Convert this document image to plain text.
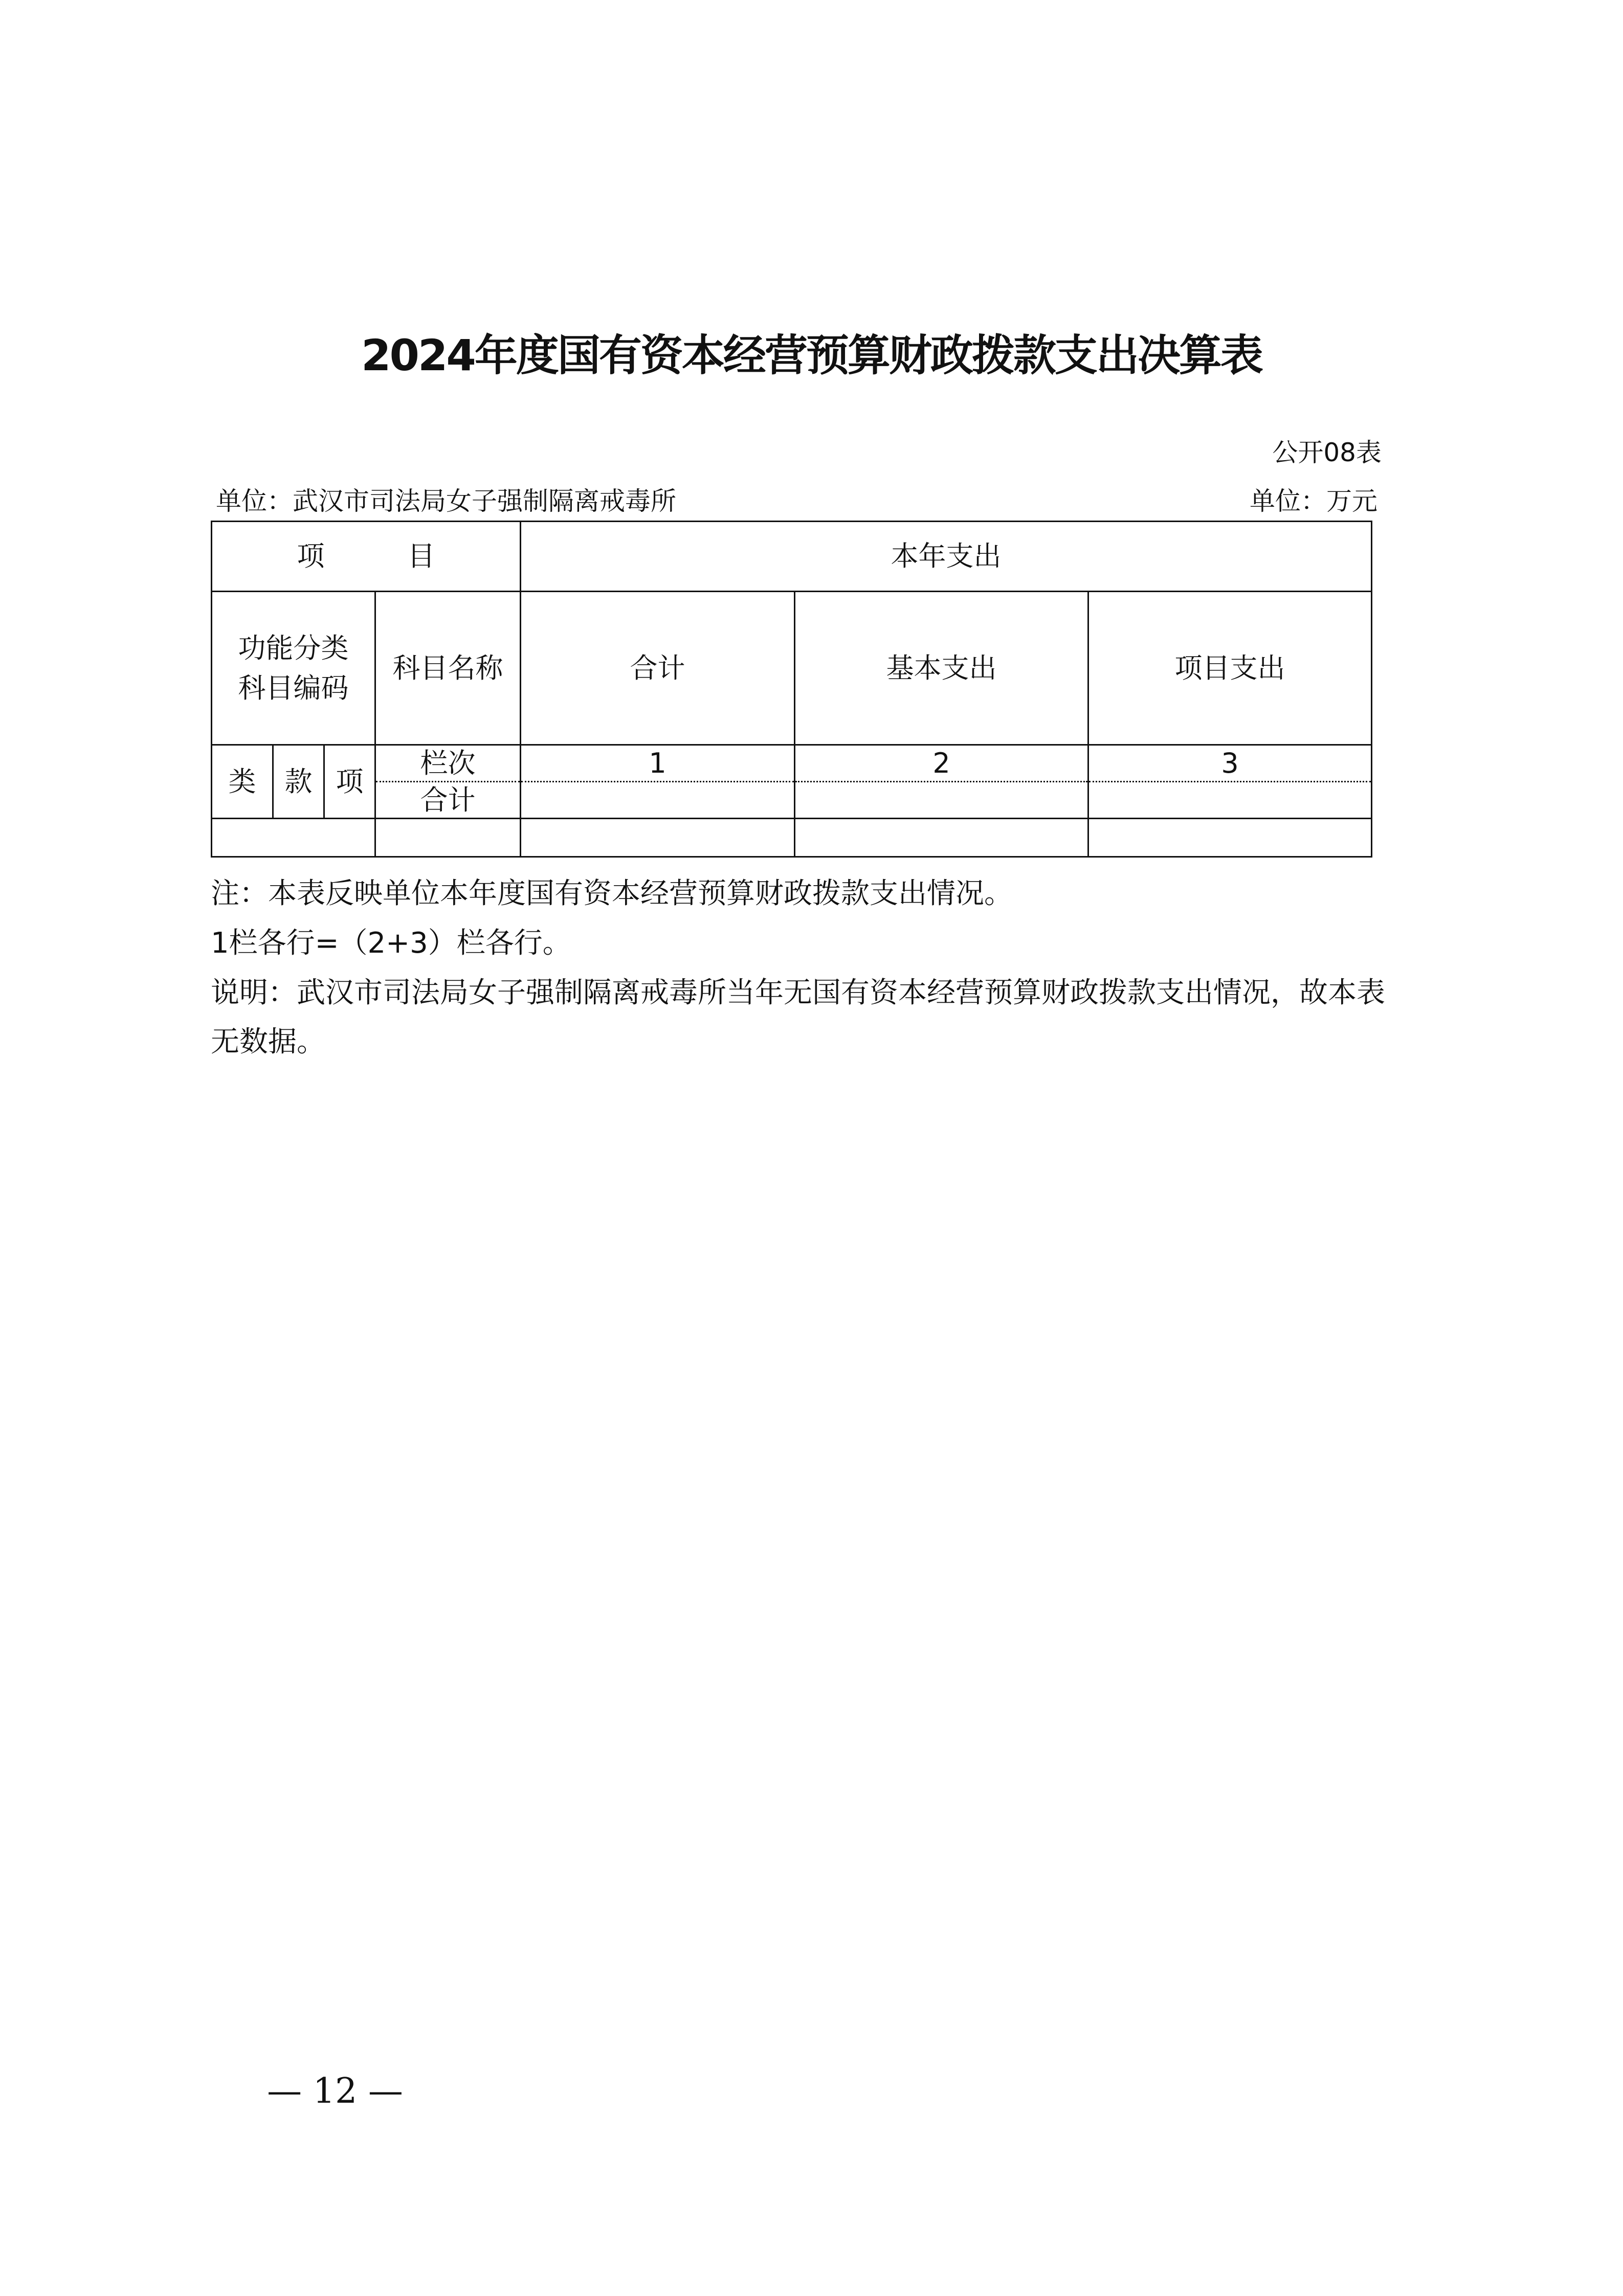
2024年度国有资本经营预算财政拨款支出决算表
公开08表
单位：武汉市司法局女子强制隔离戒毒所	单位：万元
项　　　目				本年支出		
功能分类
科目编码			科目名称	合计	基本支出	项目支出
类	款	项	栏次	1	2	3
			合计			

注：本表反映单位本年度国有资本经营预算财政拨款支出情况。
1栏各行=（2+3）栏各行。
说明：武汉市司法局女子强制隔离戒毒所当年无国有资本经营预算财政拨款支出情况，故本表无数据。
— 12 —
